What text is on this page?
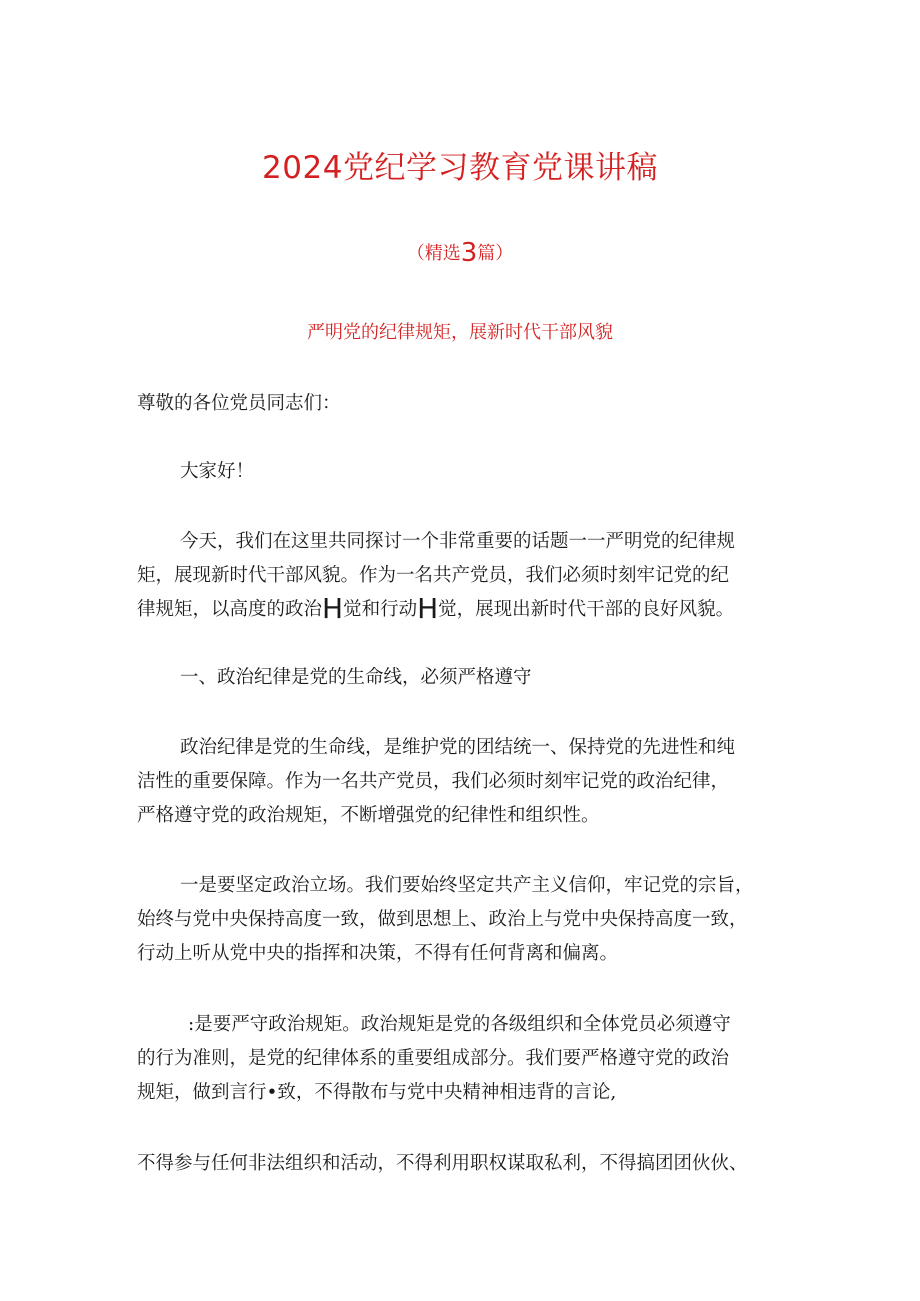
2024党纪学习教育党课讲稿
（精选3篇）
严明党的纪律规矩，展新时代干部风貌
尊敬的各位党员同志们：
大家好！
今天，我们在这里共同探讨一个非常重要的话题一一严明党的纪律规
矩，展现新时代干部风貌。作为一名共产党员，我们必须时刻牢记党的纪
律规矩，以高度的政治H觉和行动H觉，展现出新时代干部的良好风貌。
一、政治纪律是党的生命线，必须严格遵守
政治纪律是党的生命线，是维护党的团结统一、保持党的先进性和纯
洁性的重要保障。作为一名共产党员，我们必须时刻牢记党的政治纪律，
严格遵守党的政治规矩，不断增强党的纪律性和组织性。
一是要坚定政治立场。我们要始终坚定共产主义信仰，牢记党的宗旨，
始终与党中央保持高度一致，做到思想上、政治上与党中央保持高度一致，
行动上听从党中央的指挥和决策，不得有任何背离和偏离。
:是要严守政治规矩。政治规矩是党的各级组织和全体党员必须遵守
的行为准则，是党的纪律体系的重要组成部分。我们要严格遵守党的政治
规矩，做到言行•致，不得散布与党中央精神相违背的言论,
不得参与任何非法组织和活动，不得利用职权谋取私利，不得搞团团伙伙、
